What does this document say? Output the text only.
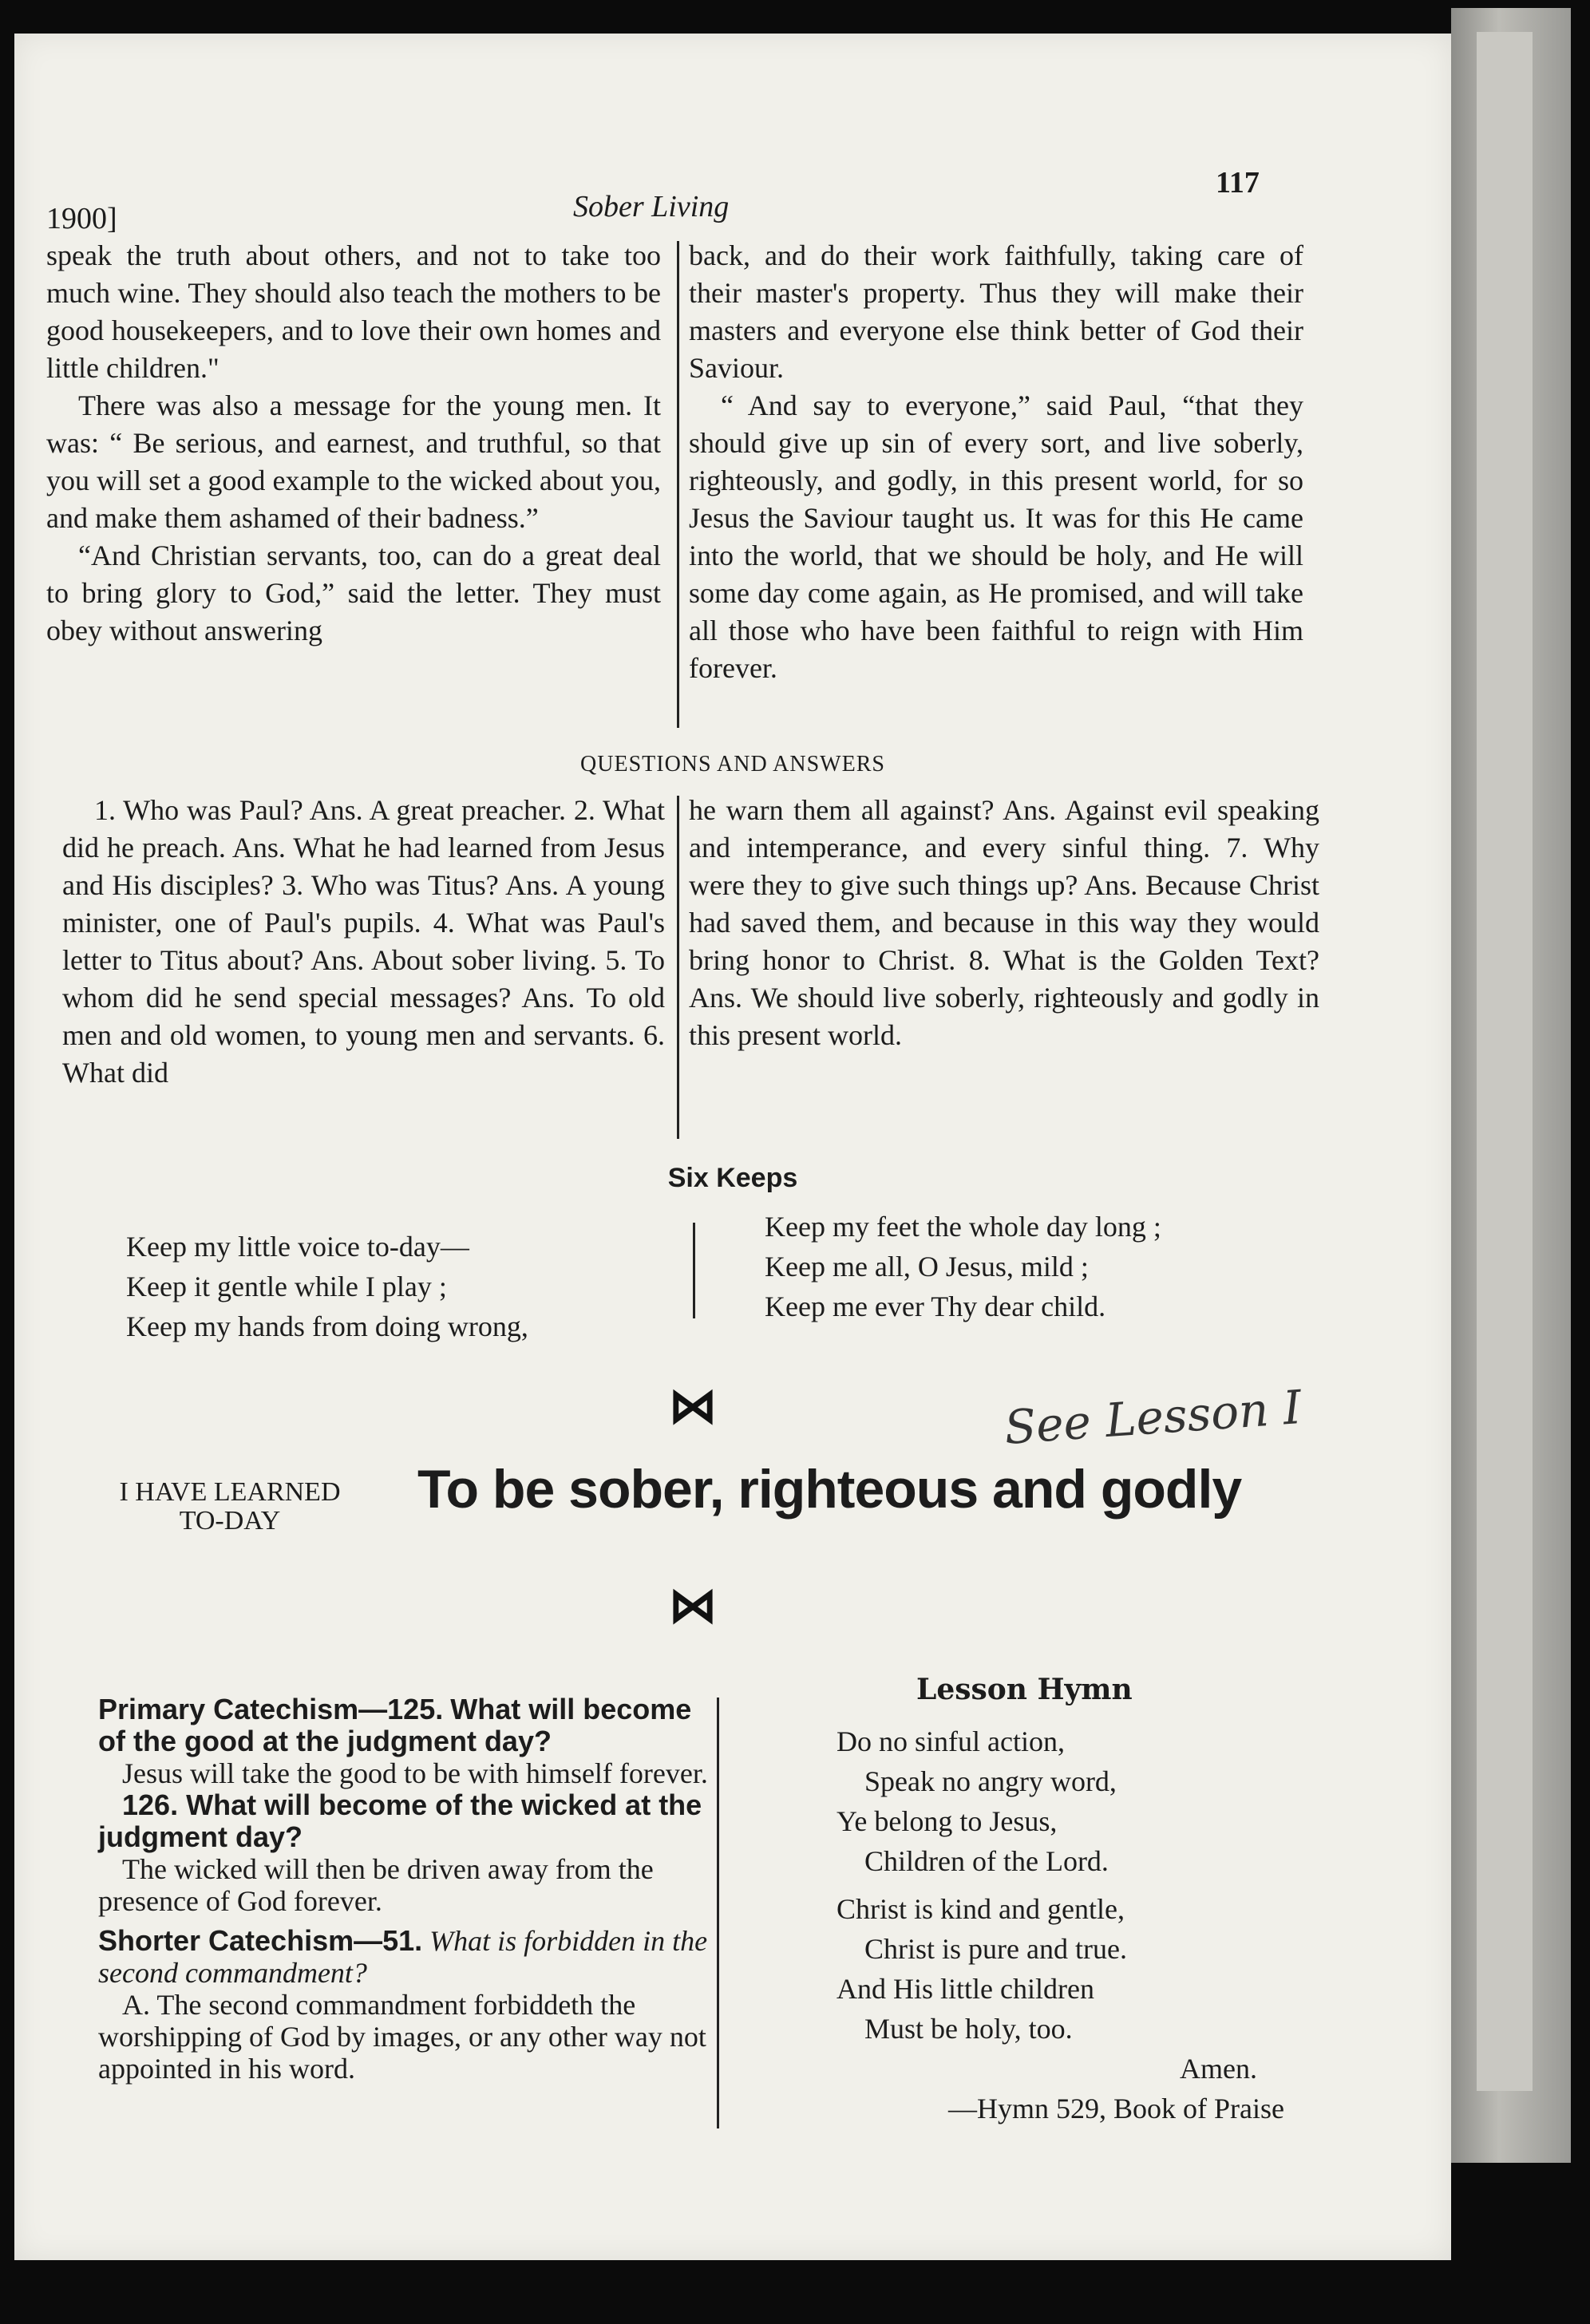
1900]	Sober Living
117

speak the truth about others, and not to take too much wine. They should also teach the mothers to be good housekeepers, and to love their own homes and little children."

There was also a message for the young men. It was: “ Be serious, and earnest, and truthful, so that you will set a good example to the wicked about you, and make them ashamed of their badness.”

“And Christian servants, too, can do a great deal to bring glory to God,” said the letter. They must obey without answering

back, and do their work faithfully, taking care of their master's property. Thus they will make their masters and everyone else think better of God their Saviour.

“ And say to everyone,” said Paul, “that they should give up sin of every sort, and live soberly, righteously, and godly, in this present world, for so Jesus the Saviour taught us. It was for this He came into the world, that we should be holy, and He will some day come again, as He promised, and will take all those who have been faithful to reign with Him forever.

QUESTIONS AND ANSWERS

1. Who was Paul? Ans. A great preacher. 2. What did he preach. Ans. What he had learned from Jesus and His disciples? 3. Who was Titus? Ans. A young minister, one of Paul's pupils. 4. What was Paul's letter to Titus about? Ans. About sober living. 5. To whom did he send special messages? Ans. To old men and old women, to young men and servants. 6. What did

he warn them all against? Ans. Against evil speaking and intemperance, and every sinful thing. 7. Why were they to give such things up? Ans. Because Christ had saved them, and because in this way they would bring honor to Christ. 8. What is the Golden Text? Ans. We should live soberly, righteously and godly in this present world.

Six Keeps
Keep my little voice to-day—
Keep it gentle while I play ;
Keep my hands from doing wrong,
Keep my feet the whole day long ;
Keep me all, O Jesus, mild ;
Keep me ever Thy dear child.
⋈	See Lesson I
I HAVE LEARNED
TO-DAY
To be sober, righteous and godly
⋈
Primary Catechism—125. What will become of the good at the judgment day?
Jesus will take the good to be with himself forever.
126. What will become of the wicked at the judgment day?
The wicked will then be driven away from the presence of God forever.
Shorter Catechism—51. What is forbidden in the second commandment?
A. The second commandment forbiddeth the worshipping of God by images, or any other way not appointed in his word.
Lesson Hymn
Do no sinful action,
Speak no angry word,
Ye belong to Jesus,
Children of the Lord.
Christ is kind and gentle,
Christ is pure and true.
And His little children
Must be holy, too.
Amen.
—Hymn 529, Book of Praise
